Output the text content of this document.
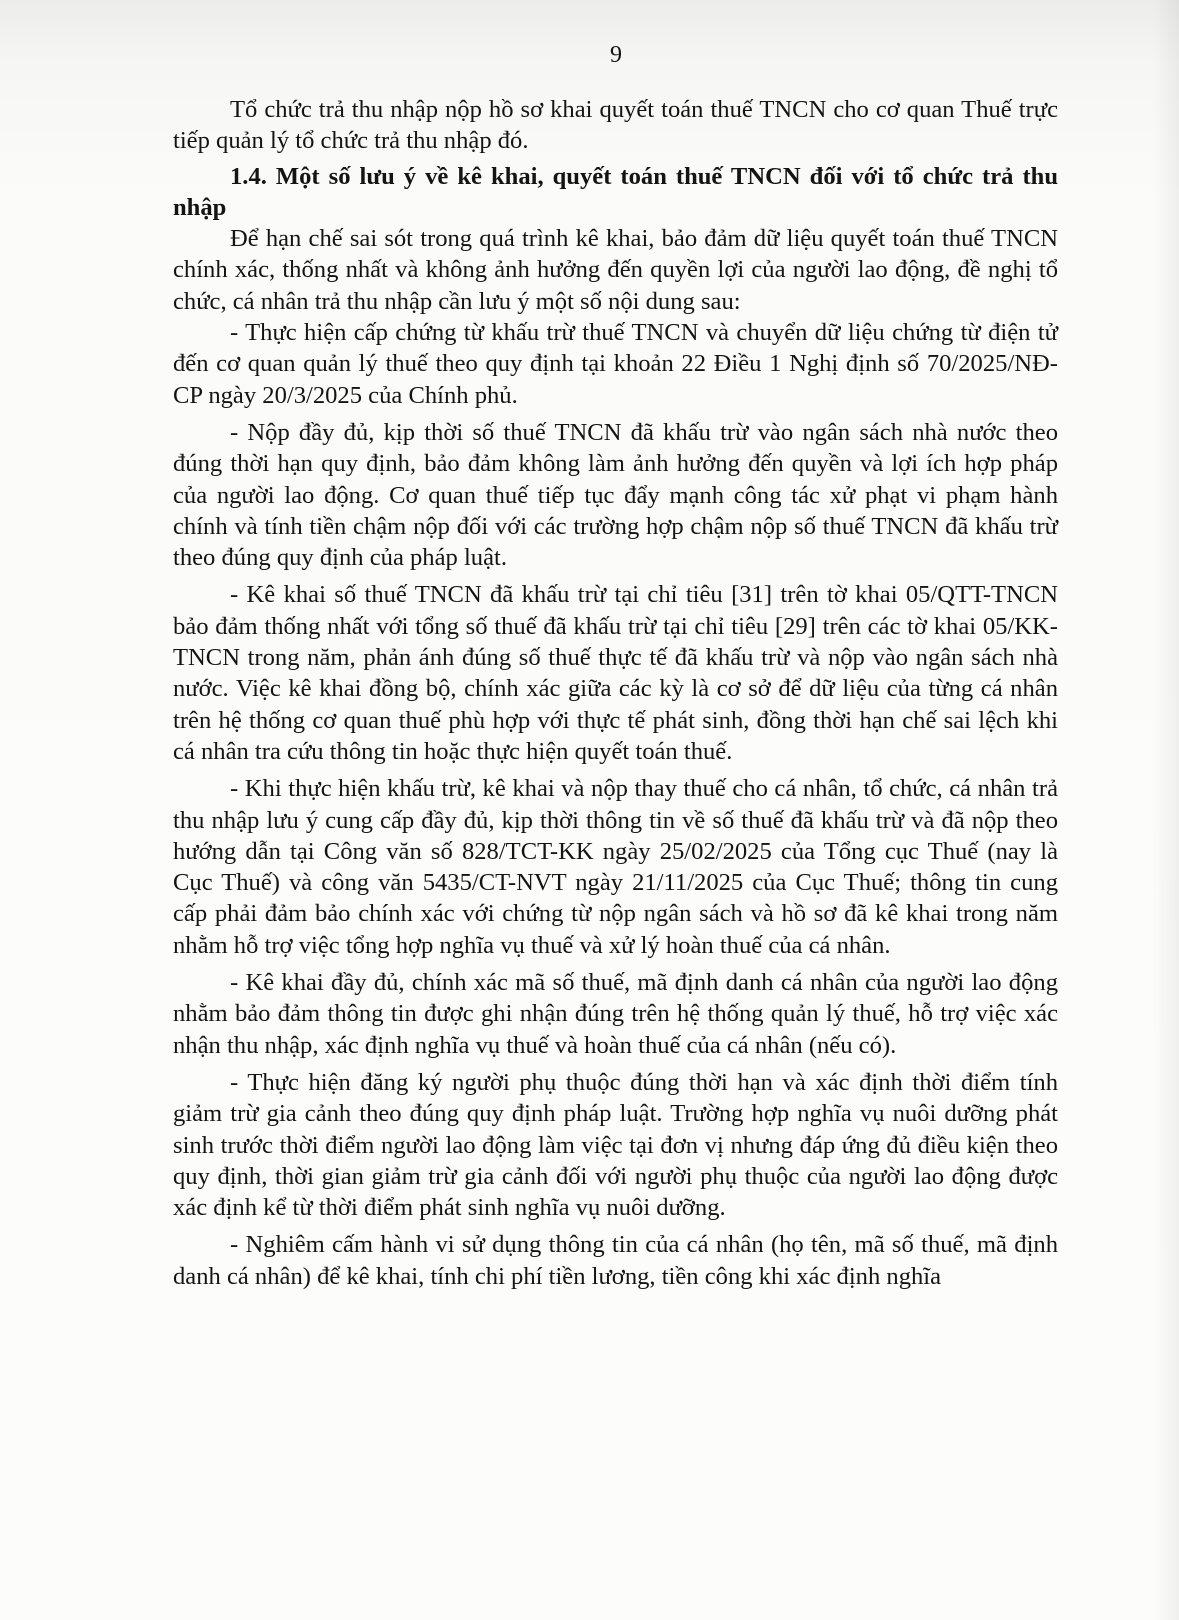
9

Tổ chức trả thu nhập nộp hồ sơ khai quyết toán thuế TNCN cho cơ quan Thuế trực tiếp quản lý tổ chức trả thu nhập đó.

1.4. Một số lưu ý về kê khai, quyết toán thuế TNCN đối với tổ chức trả thu nhập

Để hạn chế sai sót trong quá trình kê khai, bảo đảm dữ liệu quyết toán thuế TNCN chính xác, thống nhất và không ảnh hưởng đến quyền lợi của người lao động, đề nghị tổ chức, cá nhân trả thu nhập cần lưu ý một số nội dung sau:

- Thực hiện cấp chứng từ khấu trừ thuế TNCN và chuyển dữ liệu chứng từ điện tử đến cơ quan quản lý thuế theo quy định tại khoản 22 Điều 1 Nghị định số 70/2025/NĐ-CP ngày 20/3/2025 của Chính phủ.

- Nộp đầy đủ, kịp thời số thuế TNCN đã khấu trừ vào ngân sách nhà nước theo đúng thời hạn quy định, bảo đảm không làm ảnh hưởng đến quyền và lợi ích hợp pháp của người lao động. Cơ quan thuế tiếp tục đẩy mạnh công tác xử phạt vi phạm hành chính và tính tiền chậm nộp đối với các trường hợp chậm nộp số thuế TNCN đã khấu trừ theo đúng quy định của pháp luật.

- Kê khai số thuế TNCN đã khấu trừ tại chỉ tiêu [31] trên tờ khai 05/QTT-TNCN bảo đảm thống nhất với tổng số thuế đã khấu trừ tại chỉ tiêu [29] trên các tờ khai 05/KK-TNCN trong năm, phản ánh đúng số thuế thực tế đã khấu trừ và nộp vào ngân sách nhà nước. Việc kê khai đồng bộ, chính xác giữa các kỳ là cơ sở để dữ liệu của từng cá nhân trên hệ thống cơ quan thuế phù hợp với thực tế phát sinh, đồng thời hạn chế sai lệch khi cá nhân tra cứu thông tin hoặc thực hiện quyết toán thuế.

- Khi thực hiện khấu trừ, kê khai và nộp thay thuế cho cá nhân, tổ chức, cá nhân trả thu nhập lưu ý cung cấp đầy đủ, kịp thời thông tin về số thuế đã khấu trừ và đã nộp theo hướng dẫn tại Công văn số 828/TCT-KK ngày 25/02/2025 của Tổng cục Thuế (nay là Cục Thuế) và công văn 5435/CT-NVT ngày 21/11/2025 của Cục Thuế; thông tin cung cấp phải đảm bảo chính xác với chứng từ nộp ngân sách và hồ sơ đã kê khai trong năm nhằm hỗ trợ việc tổng hợp nghĩa vụ thuế và xử lý hoàn thuế của cá nhân.

- Kê khai đầy đủ, chính xác mã số thuế, mã định danh cá nhân của người lao động nhằm bảo đảm thông tin được ghi nhận đúng trên hệ thống quản lý thuế, hỗ trợ việc xác nhận thu nhập, xác định nghĩa vụ thuế và hoàn thuế của cá nhân (nếu có).

- Thực hiện đăng ký người phụ thuộc đúng thời hạn và xác định thời điểm tính giảm trừ gia cảnh theo đúng quy định pháp luật. Trường hợp nghĩa vụ nuôi dưỡng phát sinh trước thời điểm người lao động làm việc tại đơn vị nhưng đáp ứng đủ điều kiện theo quy định, thời gian giảm trừ gia cảnh đối với người phụ thuộc của người lao động được xác định kể từ thời điểm phát sinh nghĩa vụ nuôi dưỡng.

- Nghiêm cấm hành vi sử dụng thông tin của cá nhân (họ tên, mã số thuế, mã định danh cá nhân) để kê khai, tính chi phí tiền lương, tiền công khi xác định nghĩa
